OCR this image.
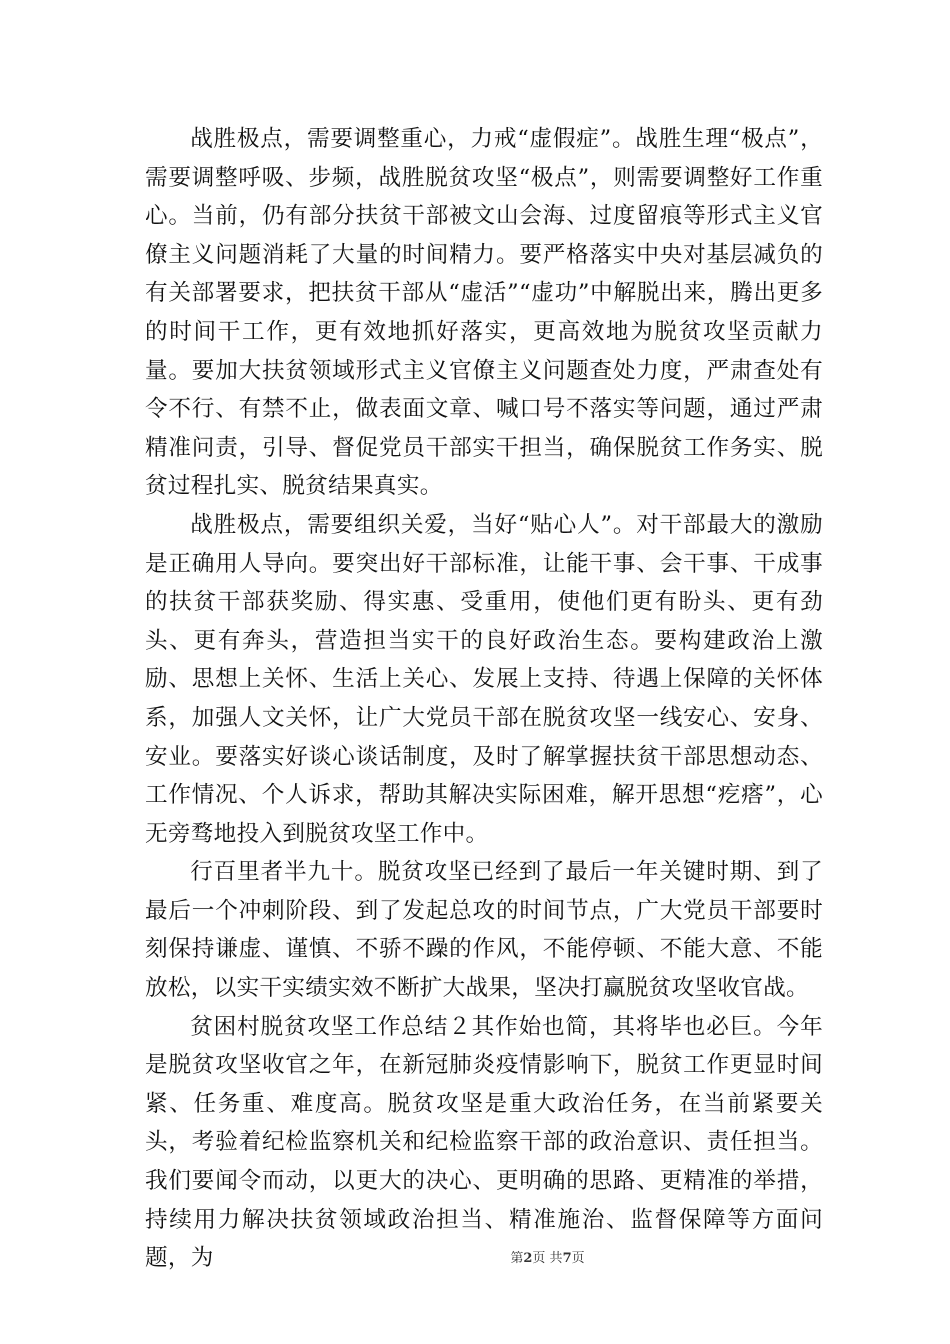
战胜极点，需要调整重心，力戒“虚假症”。战胜生理“极点”，需要调整呼吸、步频，战胜脱贫攻坚“极点”，则需要调整好工作重心。当前，仍有部分扶贫干部被文山会海、过度留痕等形式主义官僚主义问题消耗了大量的时间精力。要严格落实中央对基层减负的有关部署要求，把扶贫干部从“虚活”“虚功”中解脱出来，腾出更多的时间干工作，更有效地抓好落实，更高效地为脱贫攻坚贡献力量。要加大扶贫领域形式主义官僚主义问题查处力度，严肃查处有令不行、有禁不止，做表面文章、喊口号不落实等问题，通过严肃精准问责，引导、督促党员干部实干担当，确保脱贫工作务实、脱贫过程扎实、脱贫结果真实。

战胜极点，需要组织关爱，当好“贴心人”。对干部最大的激励是正确用人导向。要突出好干部标准，让能干事、会干事、干成事的扶贫干部获奖励、得实惠、受重用，使他们更有盼头、更有劲头、更有奔头，营造担当实干的良好政治生态。要构建政治上激励、思想上关怀、生活上关心、发展上支持、待遇上保障的关怀体系，加强人文关怀，让广大党员干部在脱贫攻坚一线安心、安身、安业。要落实好谈心谈话制度，及时了解掌握扶贫干部思想动态、工作情况、个人诉求，帮助其解决实际困难，解开思想“疙瘩”，心无旁骛地投入到脱贫攻坚工作中。

行百里者半九十。脱贫攻坚已经到了最后一年关键时期、到了最后一个冲刺阶段、到了发起总攻的时间节点，广大党员干部要时刻保持谦虚、谨慎、不骄不躁的作风，不能停顿、不能大意、不能放松，以实干实绩实效不断扩大战果，坚决打赢脱贫攻坚收官战。

贫困村脱贫攻坚工作总结２其作始也简，其将毕也必巨。今年是脱贫攻坚收官之年，在新冠肺炎疫情影响下，脱贫工作更显时间紧、任务重、难度高。脱贫攻坚是重大政治任务，在当前紧要关头，考验着纪检监察机关和纪检监察干部的政治意识、责任担当。我们要闻令而动，以更大的决心、更明确的思路、更精准的举措，持续用力解决扶贫领域政治担当、精准施治、监督保障等方面问题，为	第2页 共7页
